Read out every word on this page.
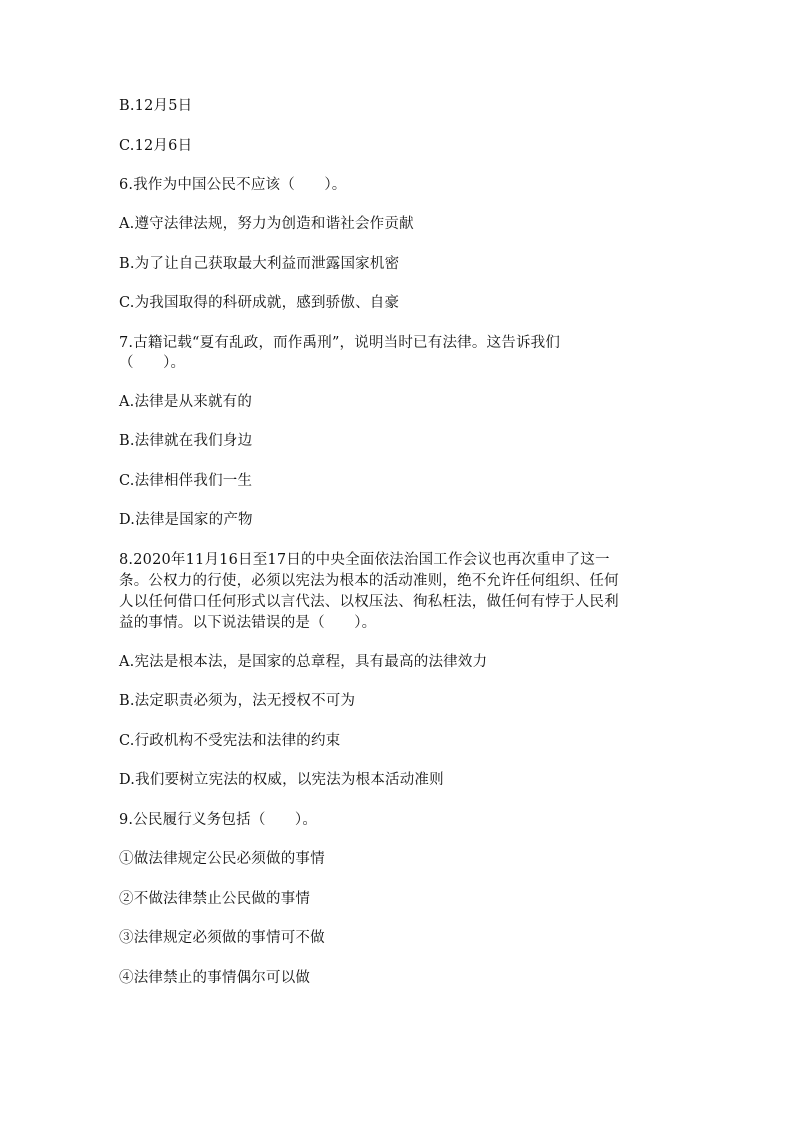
B.12月5日
C.12月6日
6.我作为中国公民不应该（　　）。
A.遵守法律法规，努力为创造和谐社会作贡献
B.为了让自己获取最大利益而泄露国家机密
C.为我国取得的科研成就，感到骄傲、自豪
7.古籍记载“夏有乱政，而作禹刑”，说明当时已有法律。这告诉我们
（　　）。
A.法律是从来就有的
B.法律就在我们身边
C.法律相伴我们一生
D.法律是国家的产物
8.2020年11月16日至17日的中央全面依法治国工作会议也再次重申了这一
条。公权力的行使，必须以宪法为根本的活动准则，绝不允许任何组织、任何
人以任何借口任何形式以言代法、以权压法、徇私枉法，做任何有悖于人民利
益的事情。以下说法错误的是（　　）。
A.宪法是根本法，是国家的总章程，具有最高的法律效力
B.法定职责必须为，法无授权不可为
C.行政机构不受宪法和法律的约束
D.我们要树立宪法的权威，以宪法为根本活动准则
9.公民履行义务包括（　　）。
①做法律规定公民必须做的事情
②不做法律禁止公民做的事情
③法律规定必须做的事情可不做
④法律禁止的事情偶尔可以做
